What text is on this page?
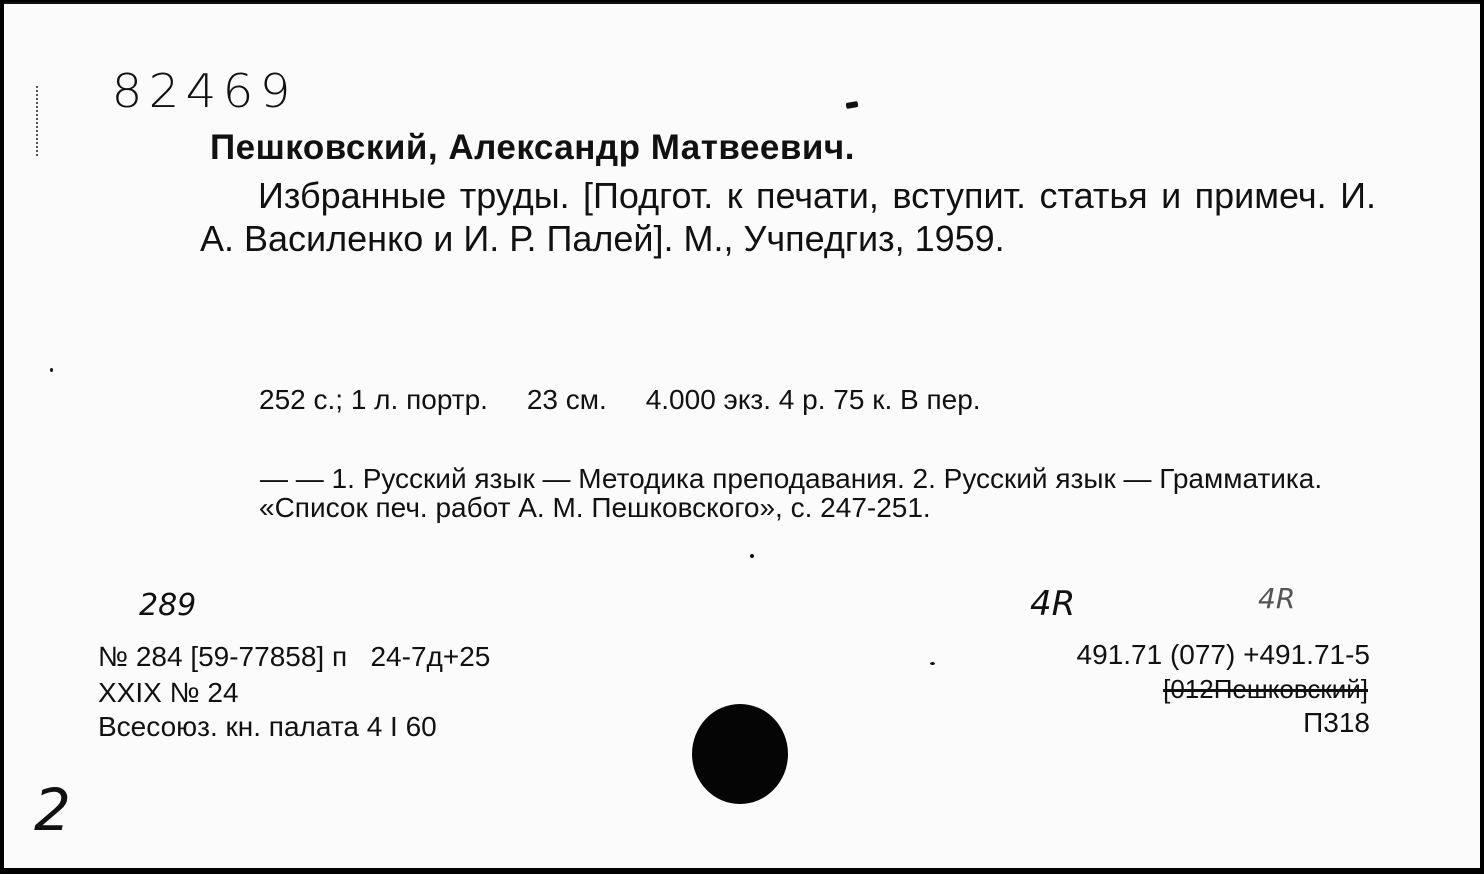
82469
Пешковский, Александр Матвеевич.
Избранные труды. [Подгот. к печати, вступит. статья и примеч. И. А. Василенко и И. Р. Палей]. М., Учпедгиз, 1959.

252 с.; 1 л. портр.     23 см.     4.000 экз. 4 р. 75 к. В пер.

«Список печ. работ А. М. Пешковского», с. 247-251.

— — 1. Русский язык — Методика преподавания. 2. Русский язык — Грамматика.
289	4R	4R
№ 284 [59-77858] п   24-7д+25
XXIX № 24
Всесоюз. кн. палата 4 I 60
491.71 (077) +491.71-5
[012Пешковский]
П318
2
